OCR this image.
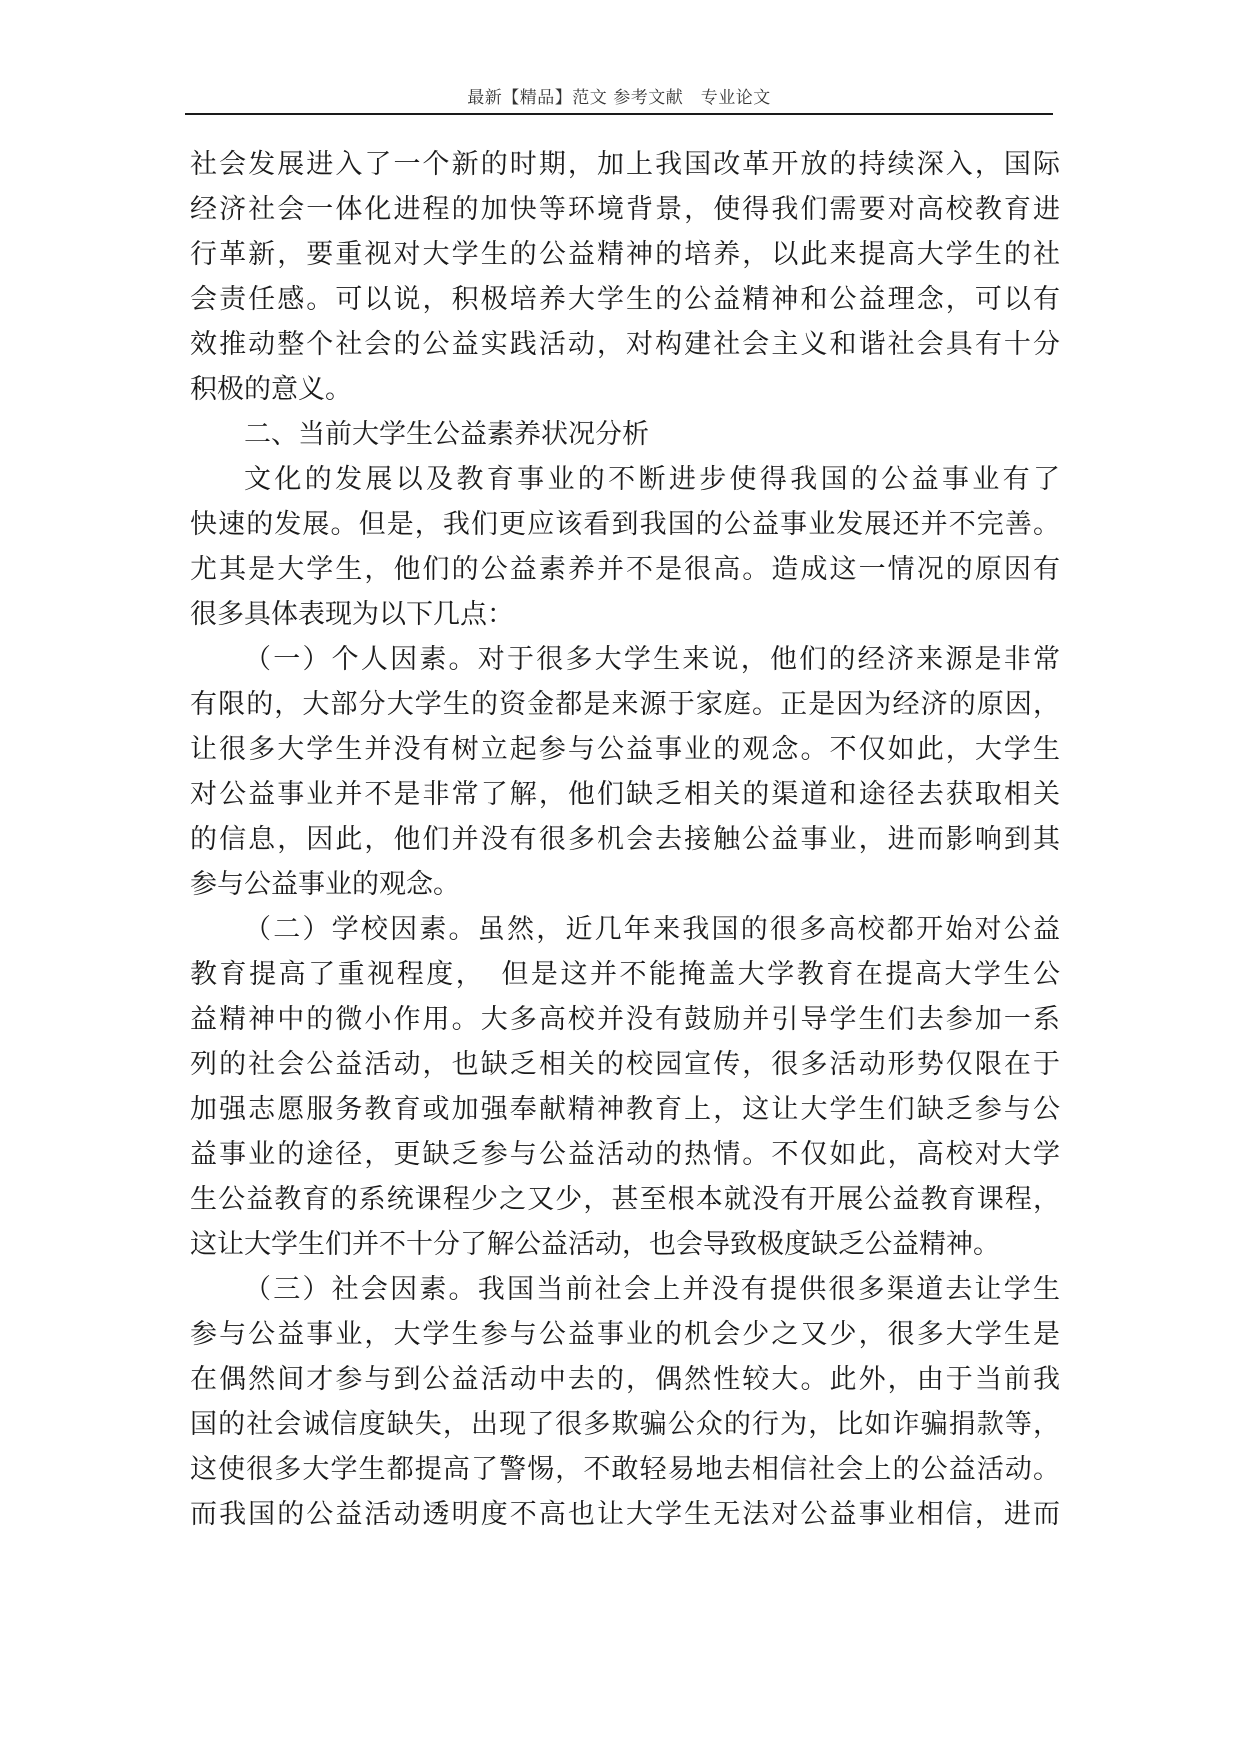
最新【精品】范文 参考文献　专业论文
社会发展进入了一个新的时期，加上我国改革开放的持续深入，国际
经济社会一体化进程的加快等环境背景，使得我们需要对高校教育进
行革新，要重视对大学生的公益精神的培养，以此来提高大学生的社
会责任感。可以说，积极培养大学生的公益精神和公益理念，可以有
效推动整个社会的公益实践活动，对构建社会主义和谐社会具有十分
积极的意义。
二、当前大学生公益素养状况分析
文化的发展以及教育事业的不断进步使得我国的公益事业有了
快速的发展。但是，我们更应该看到我国的公益事业发展还并不完善。
尤其是大学生，他们的公益素养并不是很高。造成这一情况的原因有
很多具体表现为以下几点：
（一）个人因素。对于很多大学生来说，他们的经济来源是非常
有限的，大部分大学生的资金都是来源于家庭。正是因为经济的原因，
让很多大学生并没有树立起参与公益事业的观念。不仅如此，大学生
对公益事业并不是非常了解，他们缺乏相关的渠道和途径去获取相关
的信息，因此，他们并没有很多机会去接触公益事业，进而影响到其
参与公益事业的观念。
（二）学校因素。虽然，近几年来我国的很多高校都开始对公益
教育提高了重视程度，　但是这并不能掩盖大学教育在提高大学生公
益精神中的微小作用。大多高校并没有鼓励并引导学生们去参加一系
列的社会公益活动，也缺乏相关的校园宣传，很多活动形势仅限在于
加强志愿服务教育或加强奉献精神教育上，这让大学生们缺乏参与公
益事业的途径，更缺乏参与公益活动的热情。不仅如此，高校对大学
生公益教育的系统课程少之又少，甚至根本就没有开展公益教育课程，
这让大学生们并不十分了解公益活动，也会导致极度缺乏公益精神。
（三）社会因素。我国当前社会上并没有提供很多渠道去让学生
参与公益事业，大学生参与公益事业的机会少之又少，很多大学生是
在偶然间才参与到公益活动中去的，偶然性较大。此外，由于当前我
国的社会诚信度缺失，出现了很多欺骗公众的行为，比如诈骗捐款等，
这使很多大学生都提高了警惕，不敢轻易地去相信社会上的公益活动。
而我国的公益活动透明度不高也让大学生无法对公益事业相信，进而
